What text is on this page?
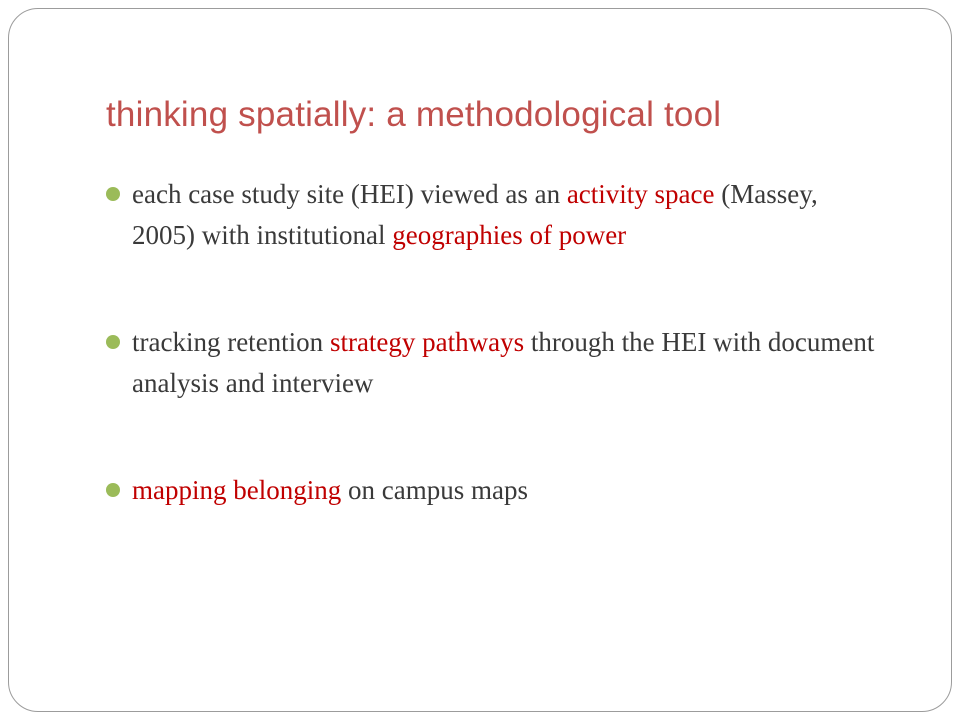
thinking spatially: a methodological tool
each case study site (HEI) viewed as an activity space (Massey, 2005) with institutional geographies of power
tracking retention strategy pathways through the HEI with document analysis and interview
mapping belonging on campus maps
